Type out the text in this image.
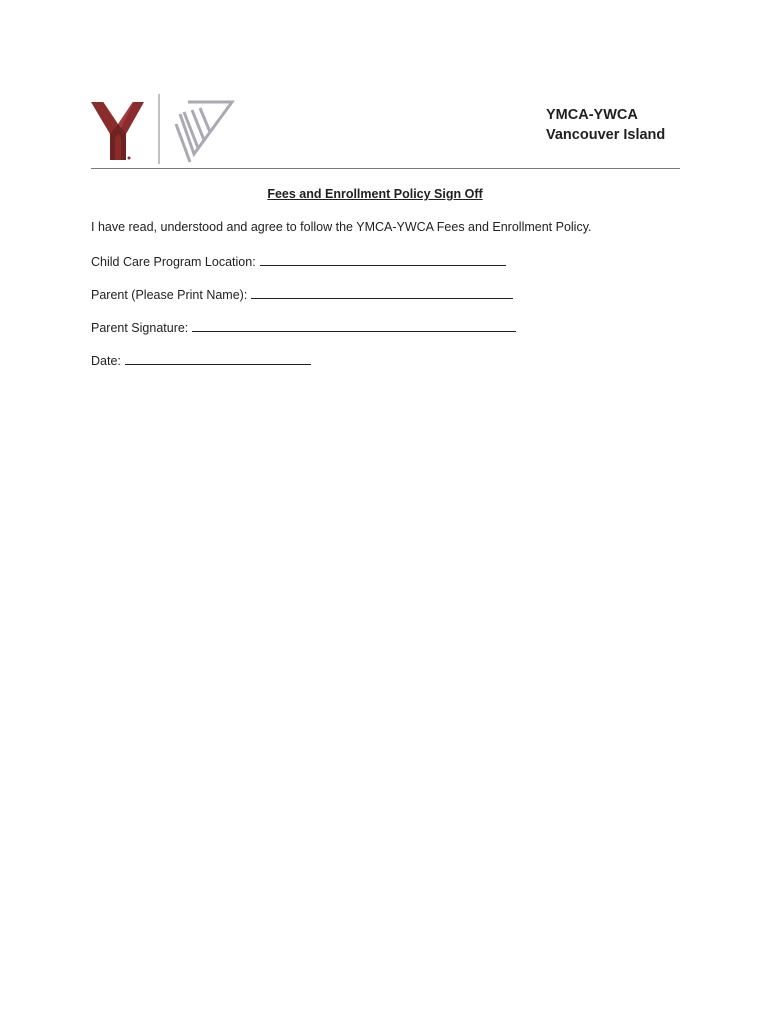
YMCA-YWCA
Vancouver Island
Fees and Enrollment Policy Sign Off
I have read, understood and agree to follow the YMCA-YWCA Fees and Enrollment Policy.
Child Care Program Location:
Parent (Please Print Name):
Parent Signature:
Date:
